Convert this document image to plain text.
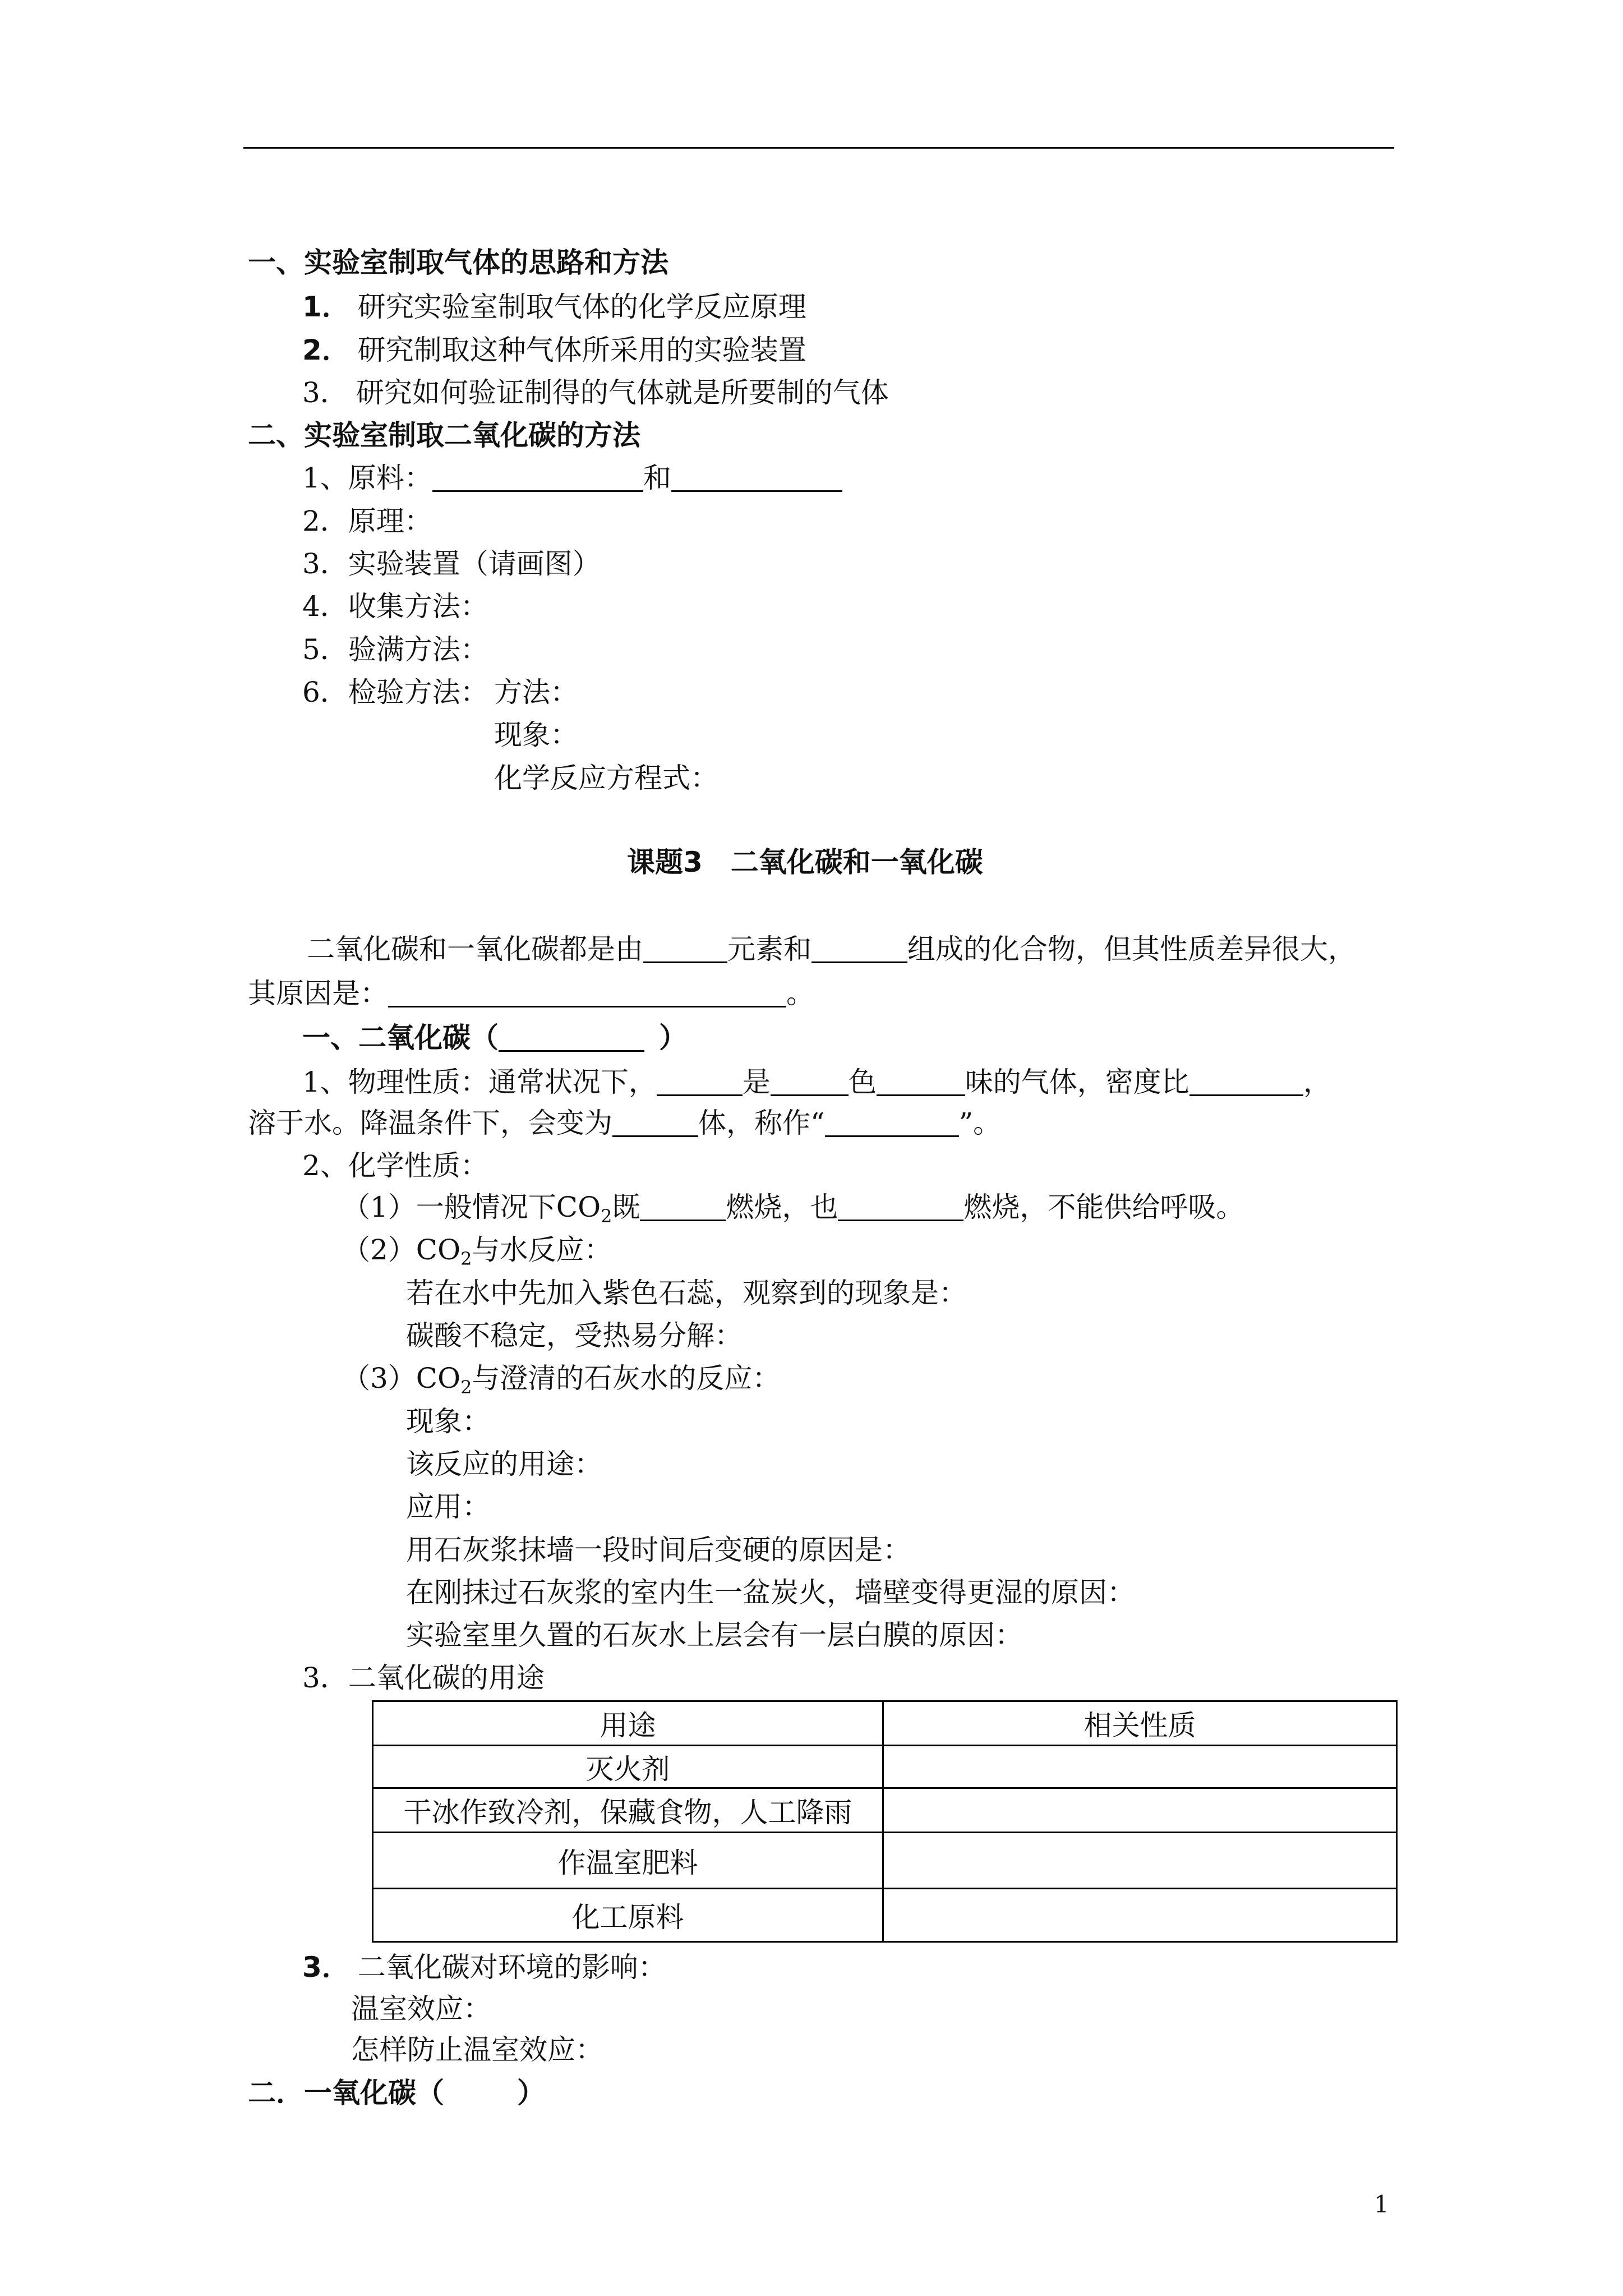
一、实验室制取气体的思路和方法
1． 研究实验室制取气体的化学反应原理
2． 研究制取这种气体所采用的实验装置
3． 研究如何验证制得的气体就是所要制的气体
二、实验室制取二氧化碳的方法
1、原料：	和
2．原理：
3．实验装置（请画图）
4．收集方法：
5．验满方法：
6．检验方法： 方法：
现象：
化学反应方程式：
课题3 二氧化碳和一氧化碳
二氧化碳和一氧化碳都是由	元素和	组成的化合物，但其性质差异很大，
其原因是：	。
一、二氧化碳（	）
1、物理性质：通常状况下，	是	色	味的气体，密度比	，
溶于水。降温条件下，会变为	体，称作“	”。
2、化学性质：
（1）一般情况下$CO_2$既	燃烧，也	燃烧，不能供给呼吸。
$(2)CO_2$与水反应：
若在水中先加入紫色石蕊，观察到的现象是：
碳酸不稳定，受热易分解：
$(3)CO_2$与澄清的石灰水的反应：
现象：
该反应的用途：
应用：
用石灰浆抹墙一段时间后变硬的原因是：
在刚抹过石灰浆的室内生一盆炭火，墙壁变得更湿的原因：
实验室里久置的石灰水上层会有一层白膜的原因：
3．二氧化碳的用途
用途	相关性质
灭火剂	
干冰作致冷剂，保藏食物，人工降雨	
作温室肥料	
化工原料	
3． 二氧化碳对环境的影响：
温室效应：
怎样防止温室效应：
二．一氧化碳（	）
1
